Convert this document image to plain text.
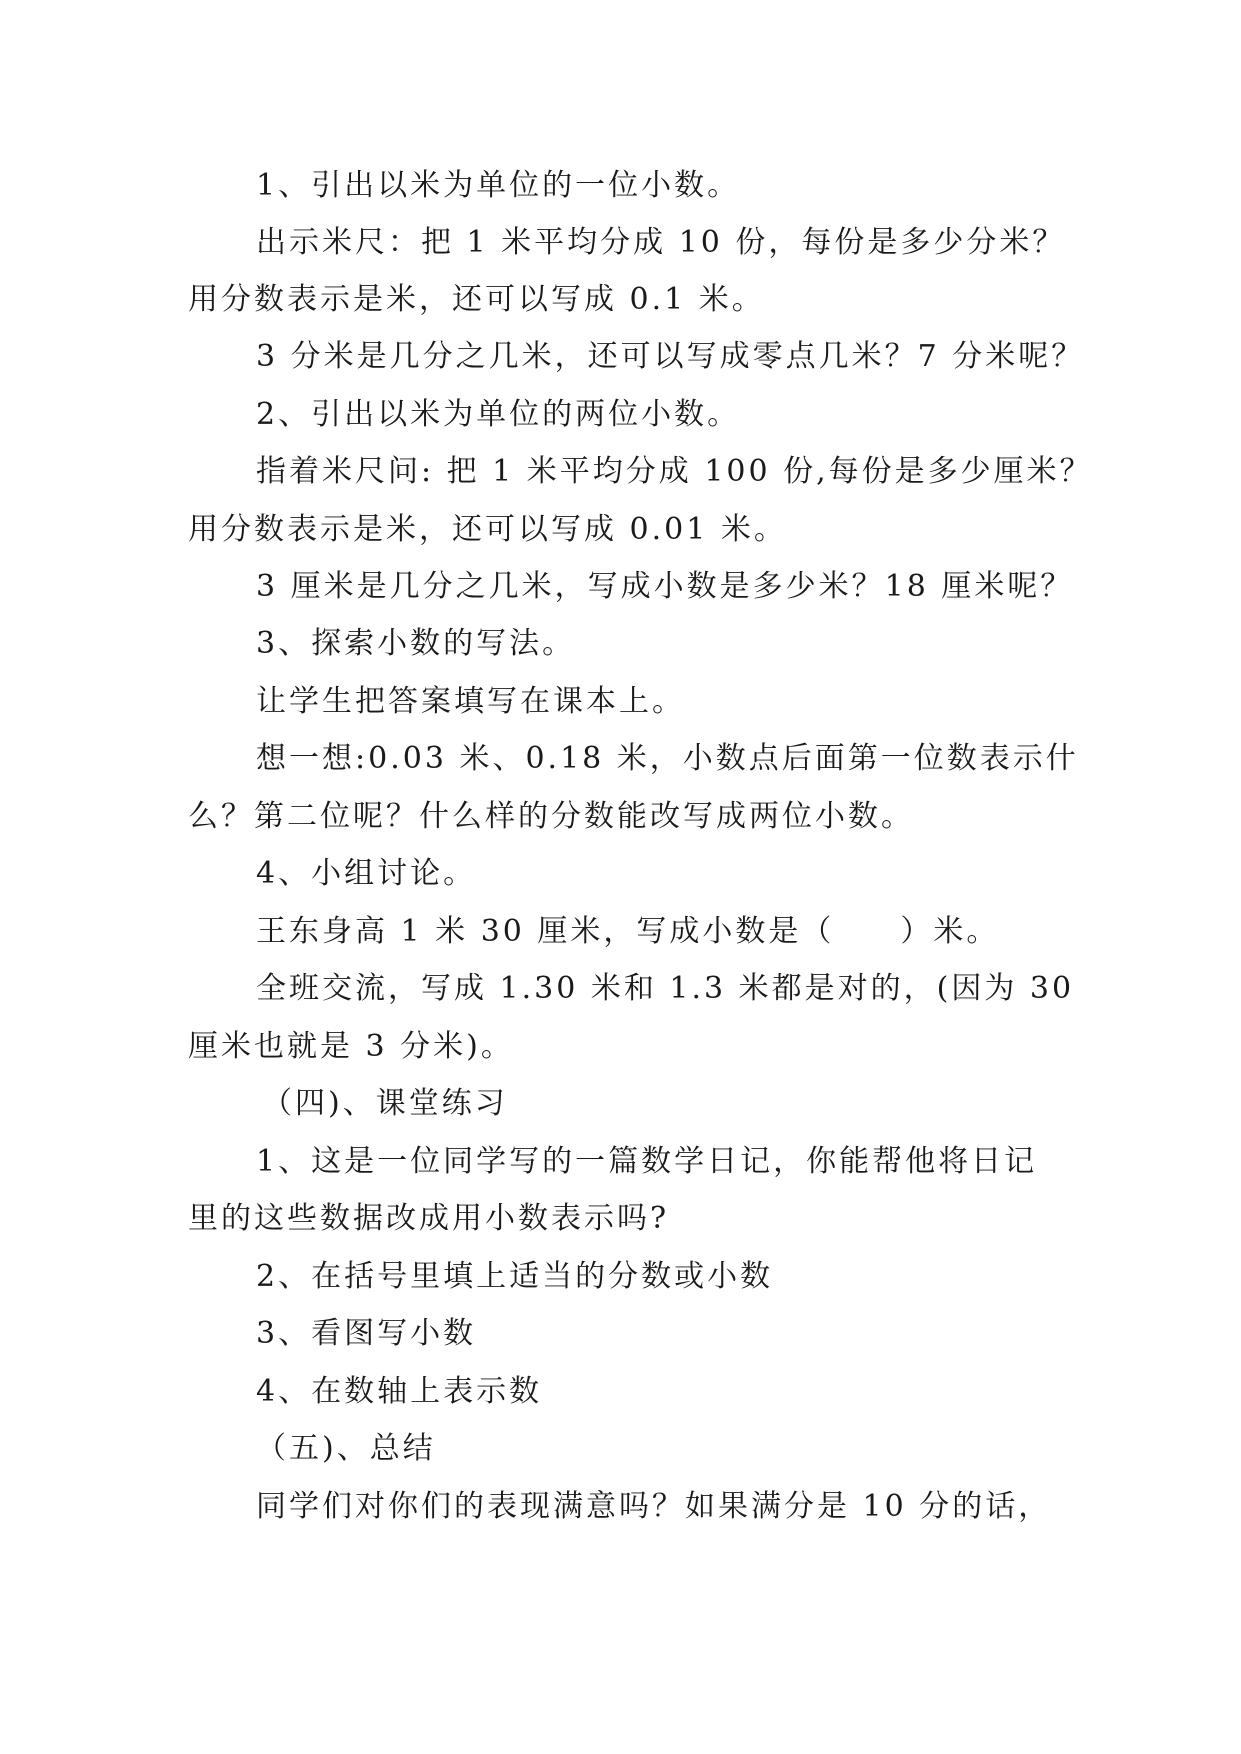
1、引出以米为单位的一位小数。
出示米尺：把 1 米平均分成 10 份，每份是多少分米？
用分数表示是米，还可以写成 0.1 米。
3 分米是几分之几米，还可以写成零点几米？7 分米呢？
2、引出以米为单位的两位小数。
指着米尺问: 把 1 米平均分成 100 份,每份是多少厘米？
用分数表示是米，还可以写成 0.01 米。
3 厘米是几分之几米，写成小数是多少米？18 厘米呢？
3、探索小数的写法。
让学生把答案填写在课本上。
想一想:0.03 米、0.18 米，小数点后面第一位数表示什
么？第二位呢？什么样的分数能改写成两位小数。
4、小组讨论。
王东身高 1 米 30 厘米，写成小数是（　　）米。
全班交流，写成 1.30 米和 1.3 米都是对的，(因为 30
厘米也就是 3 分米)。
（四)、课堂练习
1、这是一位同学写的一篇数学日记，你能帮他将日记
里的这些数据改成用小数表示吗?
2、在括号里填上适当的分数或小数
3、看图写小数
4、在数轴上表示数
（五)、总结
同学们对你们的表现满意吗？如果满分是 10 分的话，
